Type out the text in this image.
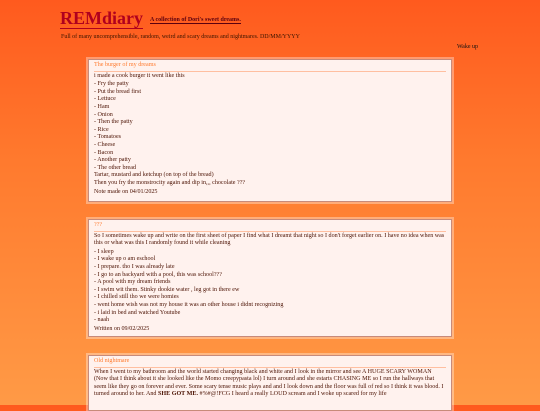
REMdiary A collection of Dori's sweet dreams.
Full of many uncomprehensible, random, weird and scary dreams and nightmares. DD/MM/YYYY
Wake up
The burger of my dreams

i made a cook burger it went like this

- Fry the patty
- Put the bread first
- Lettuce
- Ham
- Onion
- Then the patty
- Rice
- Tomatoes
- Cheese
- Bacon
- Another patty
- The other bread
Tartar, mustard and ketchup (on top of the bread)
Then you fry the monstrocity again and dip in,,, chocolate ???
Note made on 04/01/2025
???

So I sometimes wake up and write on the first sheet of paper I find what I dreamt that night so I don't forget earlier on. I have no idea when was this or what was this I randomly found it while cleaning

- I sleep
- I wake up o am eschool
- I prepare. tho I was already late
- I go to an backyard with a pool, this was school???
- A pool with my dream friends
- I swim wit them. Stinky dookie water , leg got in there ew
- I chilled still tho we were homies
- went home wish was not my house it was an other house i didnt recognizing
- i laid in bed and watched Youtube
- naah
Written on 09/02/2025
Old nightmare

When I went to my bathroom and the world started changing black and white and I look in the mirror and see A HUGE SCARY WOMAN (Now that I think about it she looked like the Momo creepypasta lol) I turn around and she estarts CHASING ME so I run the hallways that seem like they go on forever and ever. Some scary tense music plays and and I look down and the floor was full of red so I think it was blood. I turned around to her. And SHE GOT ME. #%#@!FCG I heard a really LOUD scream and I woke up scared for my life
